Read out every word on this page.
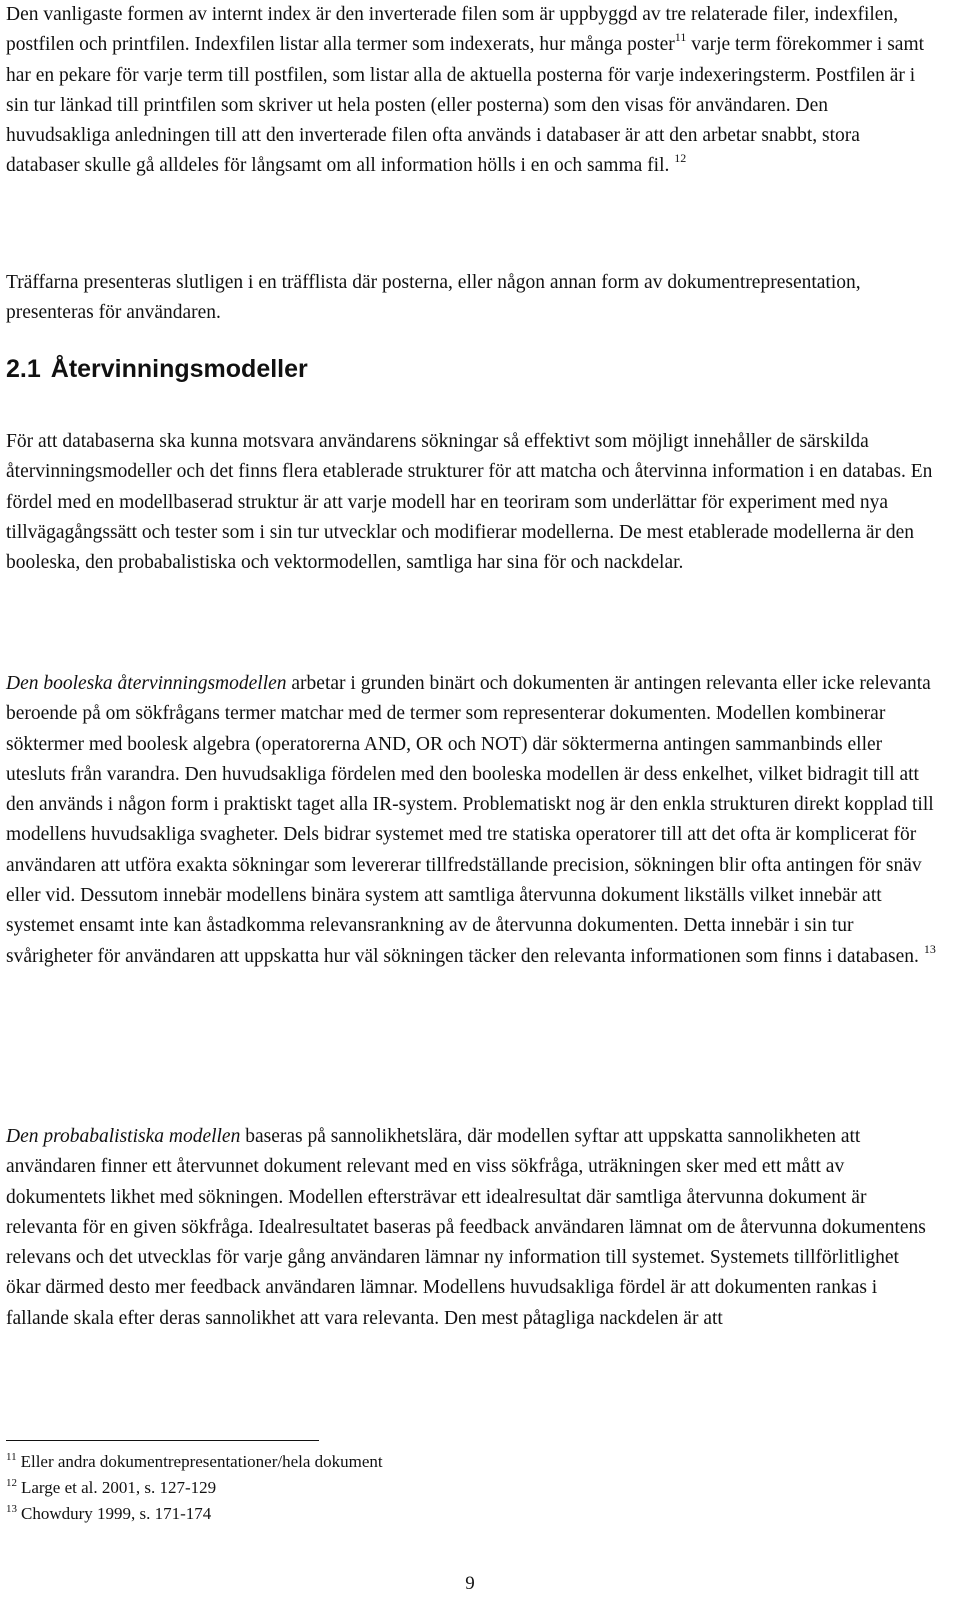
Den vanligaste formen av internt index är den inverterade filen som är uppbyggd av tre relaterade filer, indexfilen, postfilen och printfilen. Indexfilen listar alla termer som indexerats, hur många poster$^{11}$ varje term förekommer i samt har en pekare för varje term till postfilen, som listar alla de aktuella posterna för varje indexeringsterm. Postfilen är i sin tur länkad till printfilen som skriver ut hela posten (eller posterna) som den visas för användaren. Den huvudsakliga anledningen till att den inverterade filen ofta används i databaser är att den arbetar snabbt, stora databaser skulle gå alldeles för långsamt om all information hölls i en och samma fil. $^{12}$

Träffarna presenteras slutligen i en träfflista där posterna, eller någon annan form av dokumentrepresentation, presenteras för användaren.

2.1 Återvinningsmodeller

För att databaserna ska kunna motsvara användarens sökningar så effektivt som möjligt innehåller de särskilda återvinningsmodeller och det finns flera etablerade strukturer för att matcha och återvinna information i en databas. En fördel med en modellbaserad struktur är att varje modell har en teoriram som underlättar för experiment med nya tillvägagångssätt och tester som i sin tur utvecklar och modifierar modellerna. De mest etablerade modellerna är den booleska, den probabalistiska och vektormodellen, samtliga har sina för och nackdelar.

Den booleska återvinningsmodellen arbetar i grunden binärt och dokumenten är antingen relevanta eller icke relevanta beroende på om sökfrågans termer matchar med de termer som representerar dokumenten. Modellen kombinerar söktermer med boolesk algebra (operatorerna AND, OR och NOT) där söktermerna antingen sammanbinds eller utesluts från varandra. Den huvudsakliga fördelen med den booleska modellen är dess enkelhet, vilket bidragit till att den används i någon form i praktiskt taget alla IR-system. Problematiskt nog är den enkla strukturen direkt kopplad till modellens huvudsakliga svagheter. Dels bidrar systemet med tre statiska operatorer till att det ofta är komplicerat för användaren att utföra exakta sökningar som levererar tillfredställande precision, sökningen blir ofta antingen för snäv eller vid. Dessutom innebär modellens binära system att samtliga återvunna dokument likställs vilket innebär att systemet ensamt inte kan åstadkomma relevansrankning av de återvunna dokumenten. Detta innebär i sin tur svårigheter för användaren att uppskatta hur väl sökningen täcker den relevanta informationen som finns i databasen. $^{13}$

Den probabalistiska modellen baseras på sannolikhetslära, där modellen syftar att uppskatta sannolikheten att användaren finner ett återvunnet dokument relevant med en viss sökfråga, uträkningen sker med ett mått av dokumentets likhet med sökningen. Modellen eftersträvar ett idealresultat där samtliga återvunna dokument är relevanta för en given sökfråga. Idealresultatet baseras på feedback användaren lämnat om de återvunna dokumentens relevans och det utvecklas för varje gång användaren lämnar ny information till systemet. Systemets tillförlitlighet ökar därmed desto mer feedback användaren lämnar. Modellens huvudsakliga fördel är att dokumenten rankas i fallande skala efter deras sannolikhet att vara relevanta. Den mest påtagliga nackdelen är att

$^{11}$ Eller andra dokumentrepresentationer/hela dokument
$^{12}$ Large et al. 2001, s. 127-129
$^{13}$ Chowdury 1999, s. 171-174
9
